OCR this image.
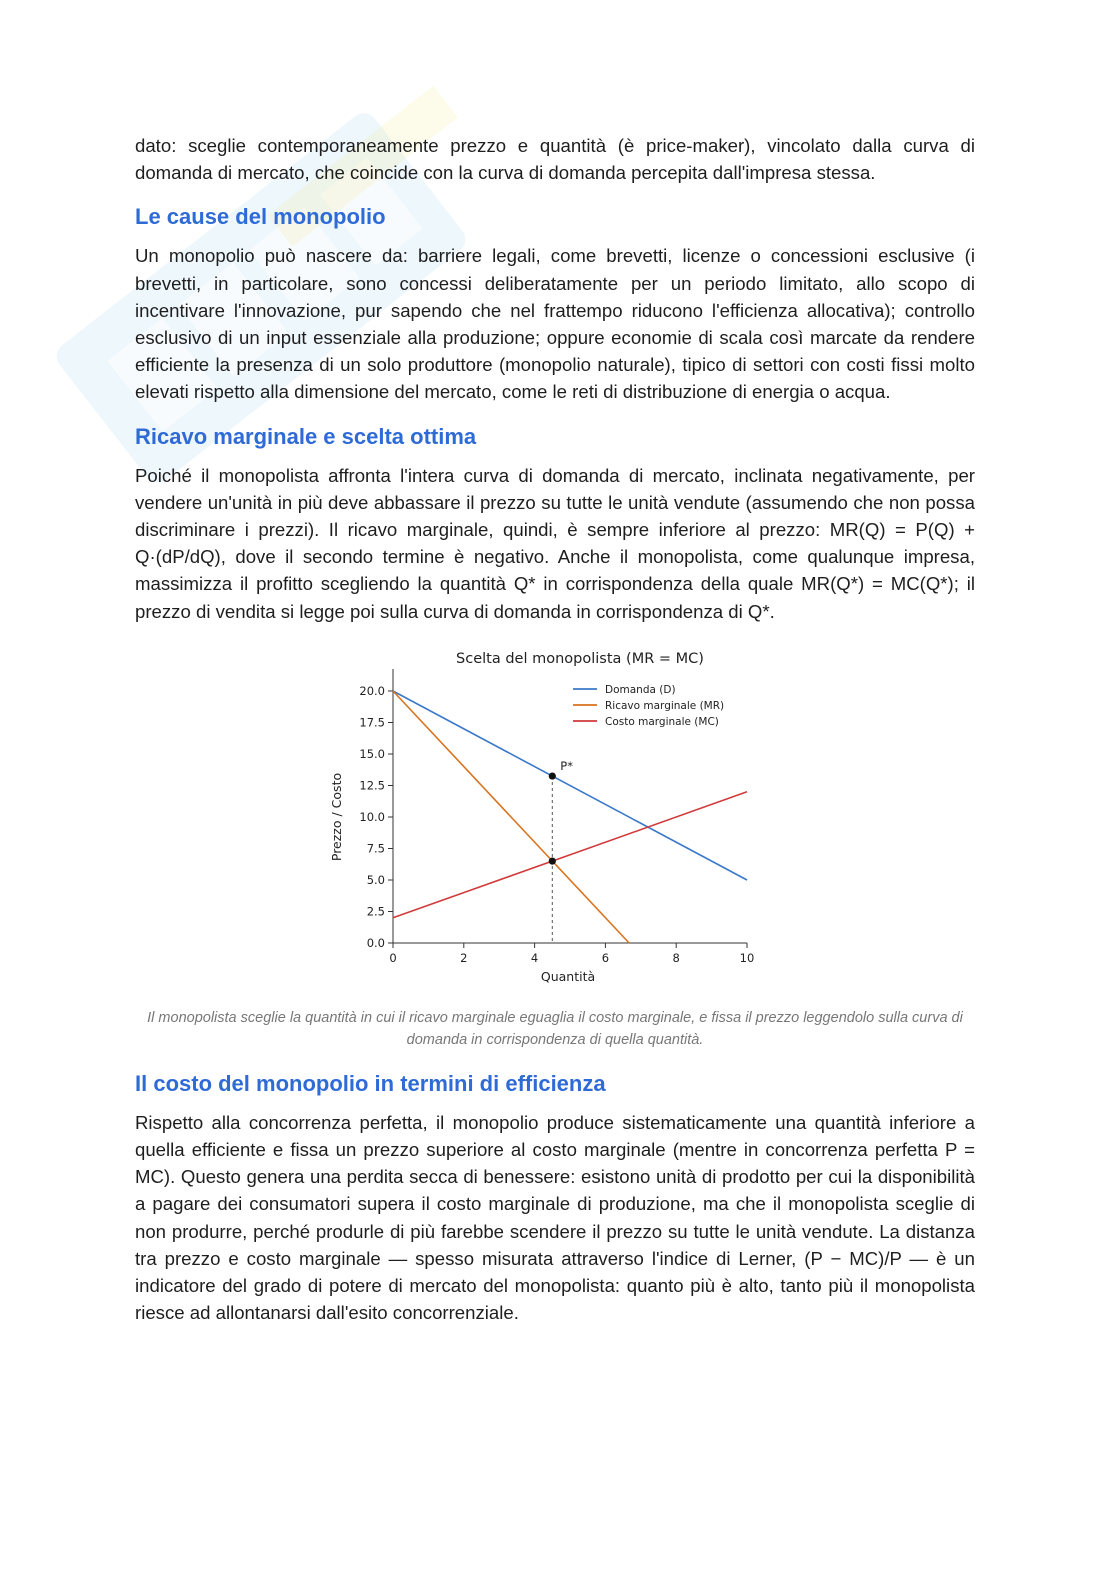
dato: sceglie contemporaneamente prezzo e quantità (è price-maker), vincolato dalla curva di domanda di mercato, che coincide con la curva di domanda percepita dall'impresa stessa.

Le cause del monopolio

Un monopolio può nascere da: barriere legali, come brevetti, licenze o concessioni esclusive (i brevetti, in particolare, sono concessi deliberatamente per un periodo limitato, allo scopo di incentivare l'innovazione, pur sapendo che nel frattempo riducono l'efficienza allocativa); controllo esclusivo di un input essenziale alla produzione; oppure economie di scala così marcate da rendere efficiente la presenza di un solo produttore (monopolio naturale), tipico di settori con costi fissi molto elevati rispetto alla dimensione del mercato, come le reti di distribuzione di energia o acqua.

Ricavo marginale e scelta ottima

Poiché il monopolista affronta l'intera curva di domanda di mercato, inclinata negativamente, per vendere un'unità in più deve abbassare il prezzo su tutte le unità vendute (assumendo che non possa discriminare i prezzi). Il ricavo marginale, quindi, è sempre inferiore al prezzo: MR(Q) = P(Q) + Q·(dP/dQ), dove il secondo termine è negativo. Anche il monopolista, come qualunque impresa, massimizza il profitto scegliendo la quantità Q* in corrispondenza della quale MR(Q*) = MC(Q*); il prezzo di vendita si legge poi sulla curva di domanda in corrispondenza di Q*.

Scelta del monopolista (MR = MC)
0.0
2.5
5.0
7.5
10.0
12.5
15.0
17.5
20.0
0	2	4	6	8	10
Quantità
Prezzo / Costo
P*
Domanda (D)
Ricavo marginale (MR)
Costo marginale (MC)

Il monopolista sceglie la quantità in cui il ricavo marginale eguaglia il costo marginale, e fissa il prezzo leggendolo sulla curva di domanda in corrispondenza di quella quantità.

Il costo del monopolio in termini di efficienza

Rispetto alla concorrenza perfetta, il monopolio produce sistematicamente una quantità inferiore a quella efficiente e fissa un prezzo superiore al costo marginale (mentre in concorrenza perfetta P = MC). Questo genera una perdita secca di benessere: esistono unità di prodotto per cui la disponibilità a pagare dei consumatori supera il costo marginale di produzione, ma che il monopolista sceglie di non produrre, perché produrle di più farebbe scendere il prezzo su tutte le unità vendute. La distanza tra prezzo e costo marginale — spesso misurata attraverso l'indice di Lerner, (P − MC)/P — è un indicatore del grado di potere di mercato del monopolista: quanto più è alto, tanto più il monopolista riesce ad allontanarsi dall'esito concorrenziale.
